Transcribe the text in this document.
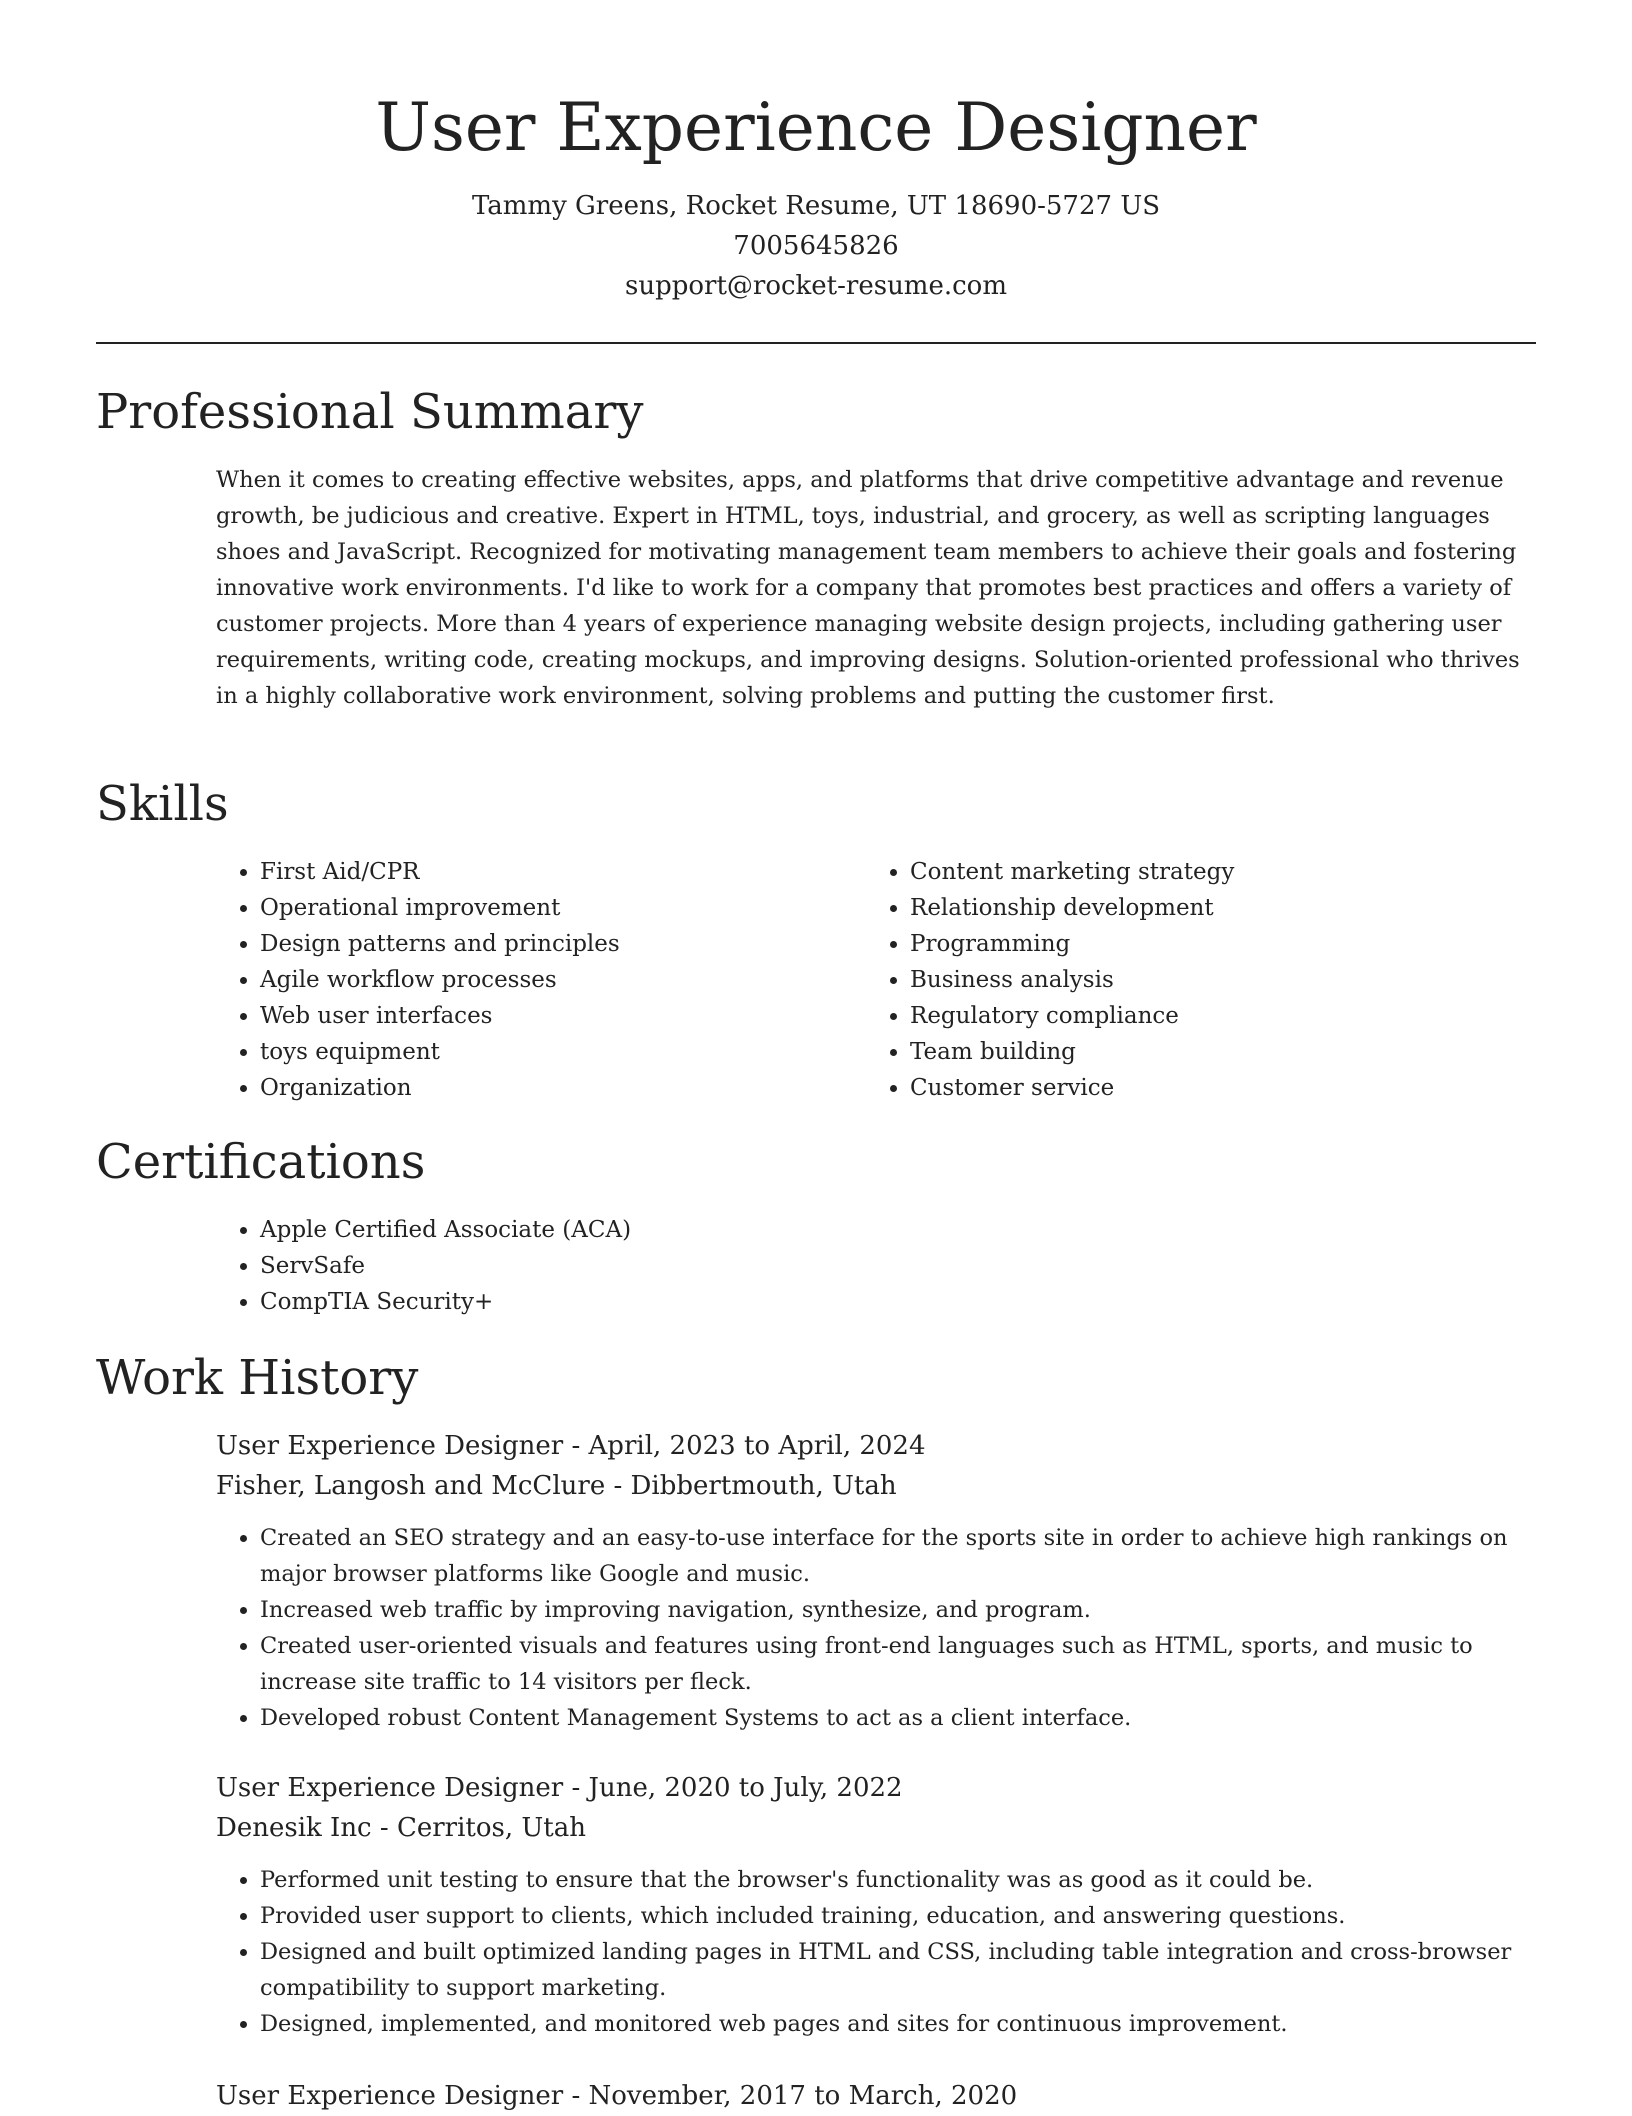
User Experience Designer
Tammy Greens, Rocket Resume, UT 18690-5727 US
7005645826
support@rocket-resume.com
Professional Summary

When it comes to creating effective websites, apps, and platforms that drive competitive advantage and revenue growth, be judicious and creative. Expert in HTML, toys, industrial, and grocery, as well as scripting languages shoes and JavaScript. Recognized for motivating management team members to achieve their goals and fostering innovative work environments. I'd like to work for a company that promotes best practices and offers a variety of customer projects. More than 4 years of experience managing website design projects, including gathering user requirements, writing code, creating mockups, and improving designs. Solution-oriented professional who thrives in a highly collaborative work environment, solving problems and putting the customer first.

Skills
• First Aid/CPR
• Operational improvement
• Design patterns and principles
• Agile workflow processes
• Web user interfaces
• toys equipment
• Organization
• Content marketing strategy
• Relationship development
• Programming
• Business analysis
• Regulatory compliance
• Team building
• Customer service
Certifications
• Apple Certified Associate (ACA)
• ServSafe
• CompTIA Security+
Work History
User Experience Designer - April, 2023 to April, 2024
Fisher, Langosh and McClure - Dibbertmouth, Utah
• Created an SEO strategy and an easy-to-use interface for the sports site in order to achieve high rankings on major browser platforms like Google and music.
• Increased web traffic by improving navigation, synthesize, and program.
• Created user-oriented visuals and features using front-end languages such as HTML, sports, and music to increase site traffic to 14 visitors per fleck.
• Developed robust Content Management Systems to act as a client interface.
User Experience Designer - June, 2020 to July, 2022
Denesik Inc - Cerritos, Utah
• Performed unit testing to ensure that the browser's functionality was as good as it could be.
• Provided user support to clients, which included training, education, and answering questions.
• Designed and built optimized landing pages in HTML and CSS, including table integration and cross-browser compatibility to support marketing.
• Designed, implemented, and monitored web pages and sites for continuous improvement.
User Experience Designer - November, 2017 to March, 2020
